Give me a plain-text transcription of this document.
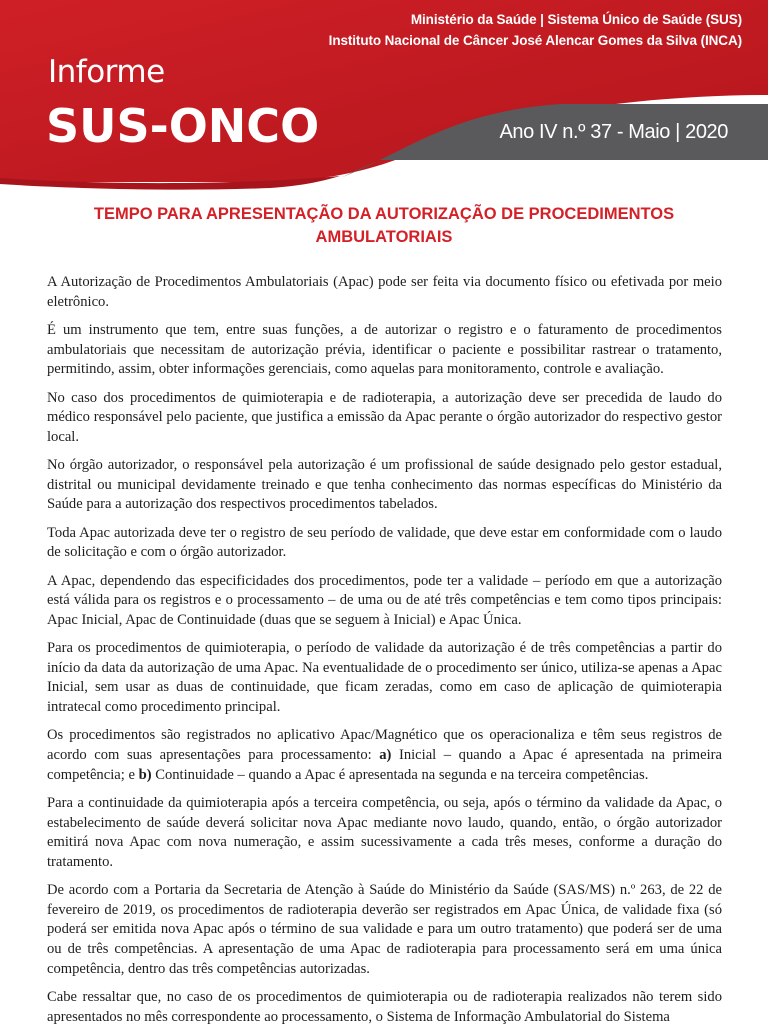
Ministério da Saúde | Sistema Único de Saúde (SUS)
Instituto Nacional de Câncer José Alencar Gomes da Silva (INCA)
Informe
SUS-ONCO	Ano IV n.º 37 - Maio | 2020
TEMPO PARA APRESENTAÇÃO DA AUTORIZAÇÃO DE PROCEDIMENTOS
AMBULATORIAIS

A Autorização de Procedimentos Ambulatoriais (Apac) pode ser feita via documento físico ou efetivada por meio eletrônico.

É um instrumento que tem, entre suas funções, a de autorizar o registro e o faturamento de procedimentos ambulatoriais que necessitam de autorização prévia, identificar o paciente e possibilitar rastrear o tratamento, permitindo, assim, obter informações gerenciais, como aquelas para monitoramento, controle e avaliação.

No caso dos procedimentos de quimioterapia e de radioterapia, a autorização deve ser precedida de laudo do médico responsável pelo paciente, que justifica a emissão da Apac perante o órgão autorizador do respectivo gestor local.

No órgão autorizador, o responsável pela autorização é um profissional de saúde designado pelo gestor estadual, distrital ou municipal devidamente treinado e que tenha conhecimento das normas específicas do Ministério da Saúde para a autorização dos respectivos procedimentos tabelados.

Toda Apac autorizada deve ter o registro de seu período de validade, que deve estar em conformidade com o laudo de solicitação e com o órgão autorizador.

A Apac, dependendo das especificidades dos procedimentos, pode ter a validade – período em que a autorização está válida para os registros e o processamento – de uma ou de até três competências e tem como tipos principais: Apac Inicial, Apac de Continuidade (duas que se seguem à Inicial) e Apac Única.

Para os procedimentos de quimioterapia, o período de validade da autorização é de três competências a partir do início da data da autorização de uma Apac. Na eventualidade de o procedimento ser único, utiliza-se apenas a Apac Inicial, sem usar as duas de continuidade, que ficam zeradas, como em caso de aplicação de quimioterapia intratecal como procedimento principal.

Os procedimentos são registrados no aplicativo Apac/Magnético que os operacionaliza e têm seus registros de acordo com suas apresentações para processamento: a) Inicial – quando a Apac é apresentada na primeira competência; e b) Continuidade – quando a Apac é apresentada na segunda e na terceira competências.

Para a continuidade da quimioterapia após a terceira competência, ou seja, após o término da validade da Apac, o estabelecimento de saúde deverá solicitar nova Apac mediante novo laudo, quando, então, o órgão autorizador emitirá nova Apac com nova numeração, e assim sucessivamente a cada três meses, conforme a duração do tratamento.

De acordo com a Portaria da Secretaria de Atenção à Saúde do Ministério da Saúde (SAS/MS) n.º 263, de 22 de fevereiro de 2019, os procedimentos de radioterapia deverão ser registrados em Apac Única, de validade fixa (só poderá ser emitida nova Apac após o término de sua validade e para um outro tratamento) que poderá ser de uma ou de três competências. A apresentação de uma Apac de radioterapia para processamento será em uma única competência, dentro das três competências autorizadas.

Cabe ressaltar que, no caso de os procedimentos de quimioterapia ou de radioterapia realizados não terem sido apresentados no mês correspondente ao processamento, o Sistema de Informação Ambulatorial do Sistema
